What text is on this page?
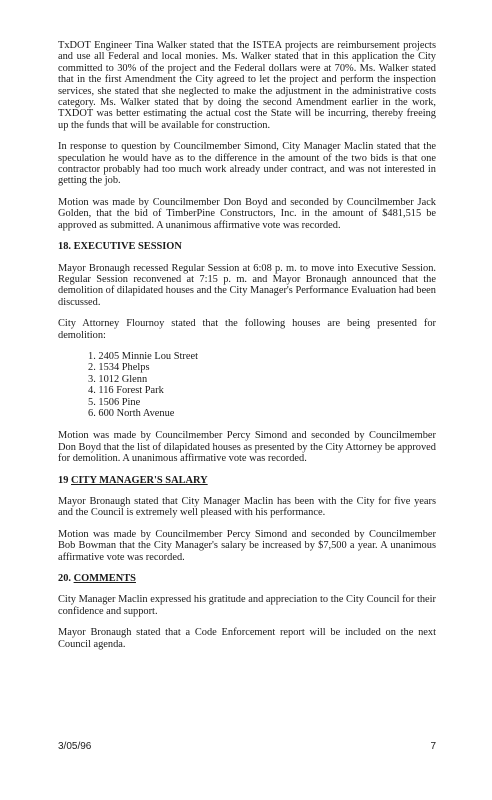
TxDOT Engineer Tina Walker stated that the ISTEA projects are reimbursement projects and use all Federal and local monies. Ms. Walker stated that in this application the City committed to 30% of the project and the Federal dollars were at 70%. Ms. Walker stated that in the first Amendment the City agreed to let the project and perform the inspection services, she stated that she neglected to make the adjustment in the administrative costs category. Ms. Walker stated that by doing the second Amendment earlier in the work, TXDOT was better estimating the actual cost the State will be incurring, thereby freeing up the funds that will be available for construction.

In response to question by Councilmember Simond, City Manager Maclin stated that the speculation he would have as to the difference in the amount of the two bids is that one contractor probably had too much work already under contract, and was not interested in getting the job.

Motion was made by Councilmember Don Boyd and seconded by Councilmember Jack Golden, that the bid of TimberPine Constructors, Inc. in the amount of $481,515 be approved as submitted. A unanimous affirmative vote was recorded.

18. EXECUTIVE SESSION

Mayor Bronaugh recessed Regular Session at 6:08 p. m. to move into Executive Session. Regular Session reconvened at 7:15 p. m. and Mayor Bronaugh announced that the demolition of dilapidated houses and the City Manager's Performance Evaluation had been discussed.

City Attorney Flournoy stated that the following houses are being presented for demolition:

1. 2405 Minnie Lou Street
2. 1534 Phelps
3. 1012 Glenn
4. 116 Forest Park
5. 1506 Pine
6. 600 North Avenue

Motion was made by Councilmember Percy Simond and seconded by Councilmember Don Boyd that the list of dilapidated houses as presented by the City Attorney be approved for demolition. A unanimous affirmative vote was recorded.

19 CITY MANAGER'S SALARY

Mayor Bronaugh stated that City Manager Maclin has been with the City for five years and the Council is extremely well pleased with his performance.

Motion was made by Councilmember Percy Simond and seconded by Councilmember Bob Bowman that the City Manager's salary be increased by $7,500 a year. A unanimous affirmative vote was recorded.

20. COMMENTS

City Manager Maclin expressed his gratitude and appreciation to the City Council for their confidence and support.

Mayor Bronaugh stated that a Code Enforcement report will be included on the next Council agenda.

3/05/96	7
